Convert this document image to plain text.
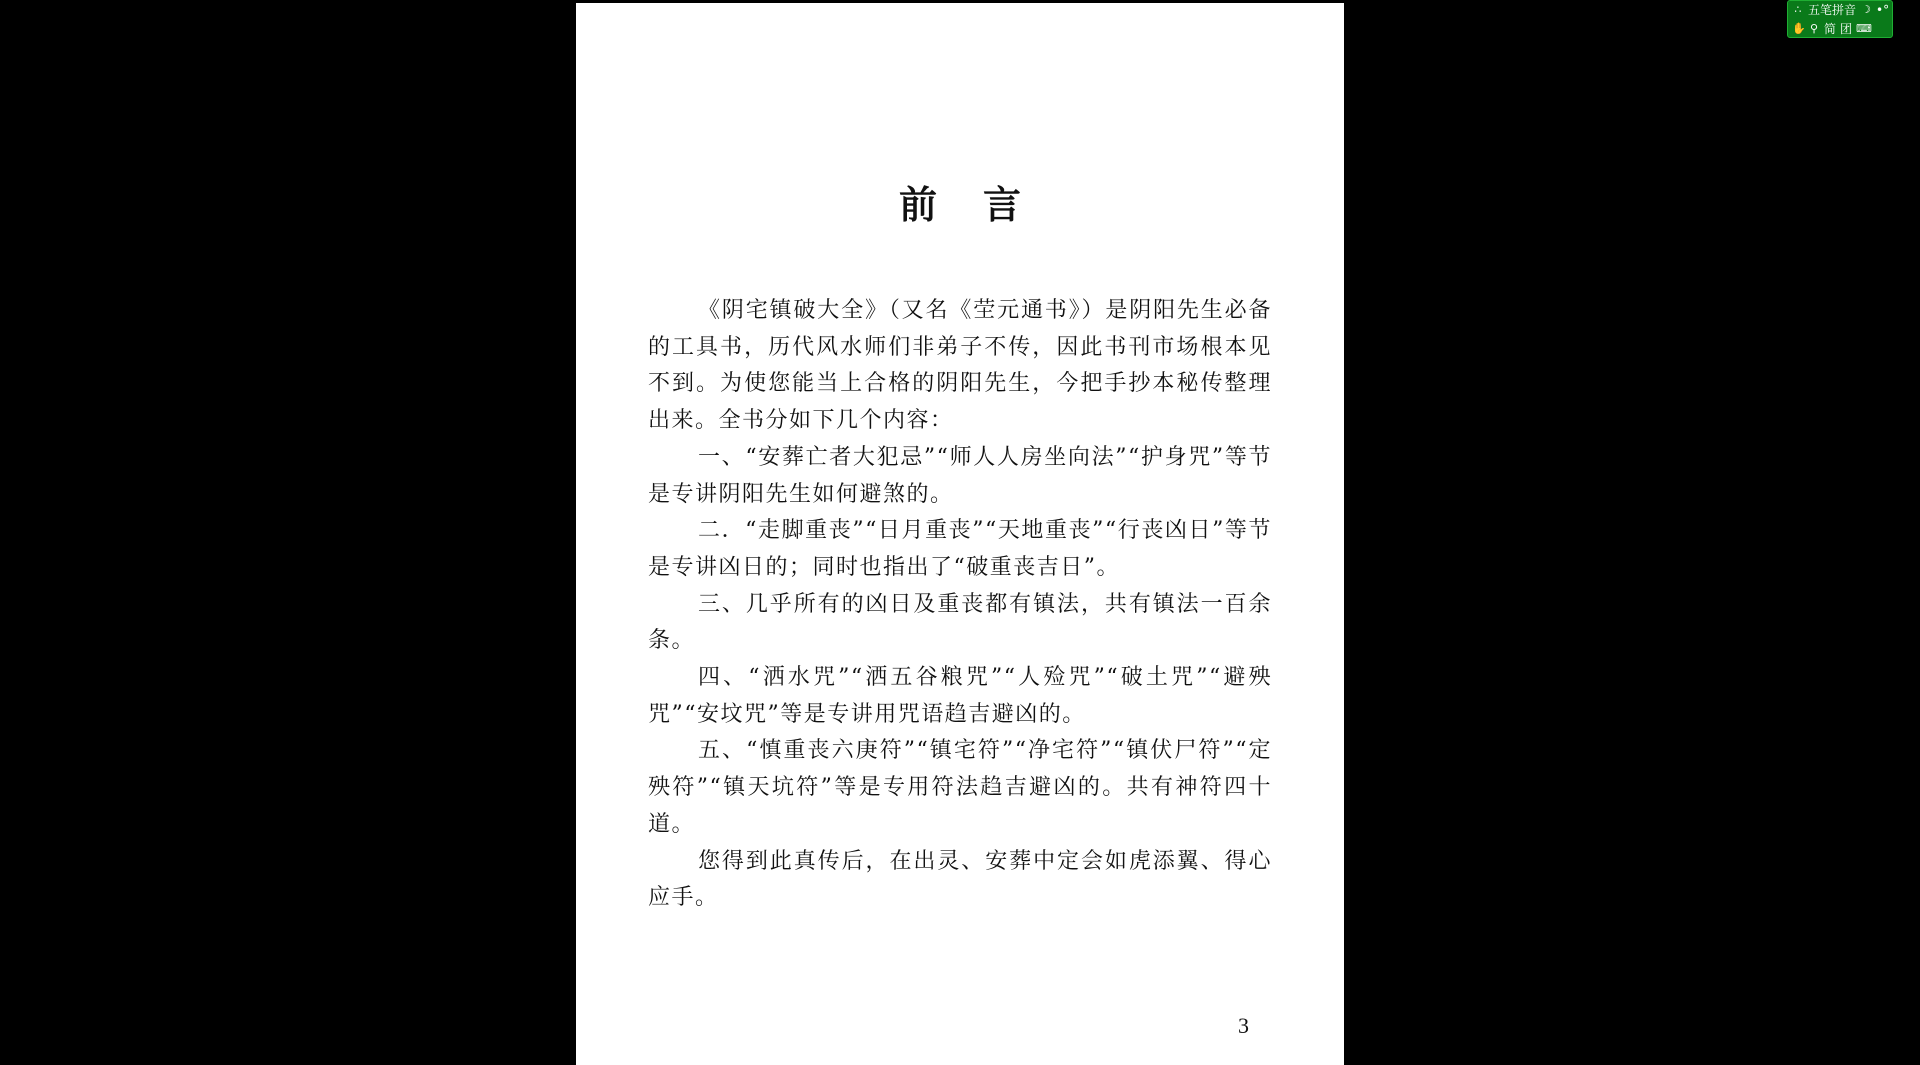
前言

《阴宅镇破大全》（又名《茔元通书》）是阴阳先生必备的工具书，历代风水师们非弟子不传，因此书刊市场根本见不到。为使您能当上合格的阴阳先生，今把手抄本秘传整理出来。全书分如下几个内容：

一、“安葬亡者大犯忌”“师人人房坐向法”“护身咒”等节是专讲阴阳先生如何避煞的。

二．“走脚重丧”“日月重丧”“天地重丧”“行丧凶日”等节是专讲凶日的；同时也指出了“破重丧吉日”。

三、几乎所有的凶日及重丧都有镇法，共有镇法一百余条。

四、“洒水咒”“洒五谷粮咒”“人殓咒”“破土咒”“避殃咒”“安坟咒”等是专讲用咒语趋吉避凶的。

五、“慎重丧六庚符”“镇宅符”“净宅符”“镇伏尸符”“定殃符”“镇天坑符”等是专用符法趋吉避凶的。共有神符四十道。

您得到此真传后，在出灵、安葬中定会如虎添翼、得心应手。

3
∴ 五笔拼音 ☽ •°
✋ ⚲ 简 团 ⌨
